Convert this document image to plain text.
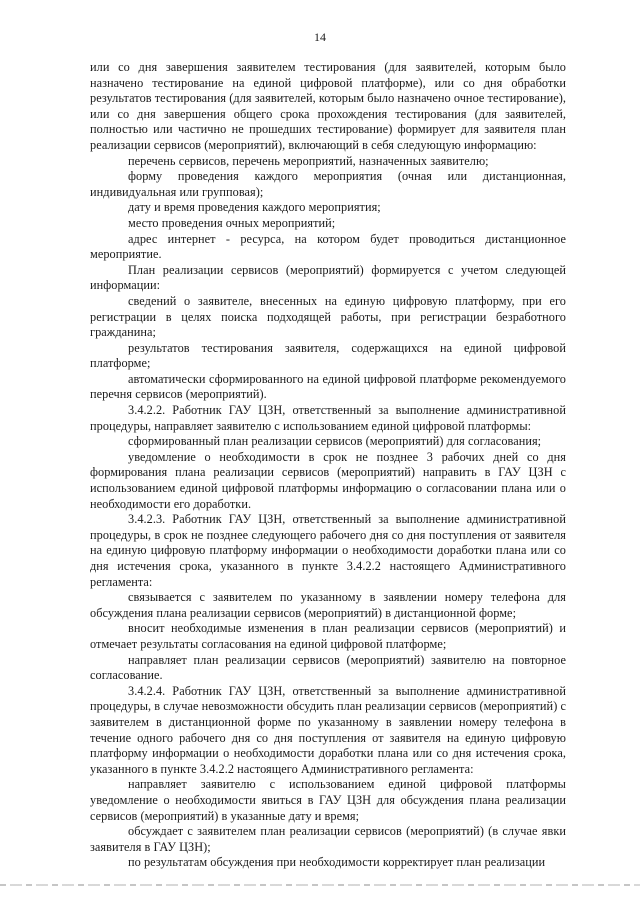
14

или со дня завершения заявителем тестирования (для заявителей, которым было назначено тестирование на единой цифровой платформе), или со дня обработки результатов тестирования (для заявителей, которым было назначено очное тестирование), или со дня завершения общего срока прохождения тестирования (для заявителей, полностью или частично не прошедших тестирование) формирует для заявителя план реализации сервисов (мероприятий), включающий в себя следующую информацию:

перечень сервисов, перечень мероприятий, назначенных заявителю;

форму проведения каждого мероприятия (очная или дистанционная, индивидуальная или групповая);

дату и время проведения каждого мероприятия;

место проведения очных мероприятий;

адрес интернет - ресурса, на котором будет проводиться дистанционное мероприятие.

План реализации сервисов (мероприятий) формируется с учетом следующей информации:

сведений о заявителе, внесенных на единую цифровую платформу, при его регистрации в целях поиска подходящей работы, при регистрации безработного гражданина;

результатов тестирования заявителя, содержащихся на единой цифровой платформе;

автоматически сформированного на единой цифровой платформе рекомендуемого перечня сервисов (мероприятий).

3.4.2.2. Работник ГАУ ЦЗН, ответственный за выполнение административной процедуры, направляет заявителю с использованием единой цифровой платформы:

сформированный план реализации сервисов (мероприятий) для согласования;

уведомление о необходимости в срок не позднее 3 рабочих дней со дня формирования плана реализации сервисов (мероприятий) направить в ГАУ ЦЗН с использованием единой цифровой платформы информацию о согласовании плана или о необходимости его доработки.

3.4.2.3. Работник ГАУ ЦЗН, ответственный за выполнение административной процедуры, в срок не позднее следующего рабочего дня со дня поступления от заявителя на единую цифровую платформу информации о необходимости доработки плана или со дня истечения срока, указанного в пункте 3.4.2.2 настоящего Административного регламента:

связывается с заявителем по указанному в заявлении номеру телефона для обсуждения плана реализации сервисов (мероприятий) в дистанционной форме;

вносит необходимые изменения в план реализации сервисов (мероприятий) и отмечает результаты согласования на единой цифровой платформе;

направляет план реализации сервисов (мероприятий) заявителю на повторное согласование.

3.4.2.4. Работник ГАУ ЦЗН, ответственный за выполнение административной процедуры, в случае невозможности обсудить план реализации сервисов (мероприятий) с заявителем в дистанционной форме по указанному в заявлении номеру телефона в течение одного рабочего дня со дня поступления от заявителя на единую цифровую платформу информации о необходимости доработки плана или со дня истечения срока, указанного в пункте 3.4.2.2 настоящего Административного регламента:

направляет заявителю с использованием единой цифровой платформы уведомление о необходимости явиться в ГАУ ЦЗН для обсуждения плана реализации сервисов (мероприятий) в указанные дату и время;

обсуждает с заявителем план реализации сервисов (мероприятий) (в случае явки заявителя в ГАУ ЦЗН);

по результатам обсуждения при необходимости корректирует план реализации
